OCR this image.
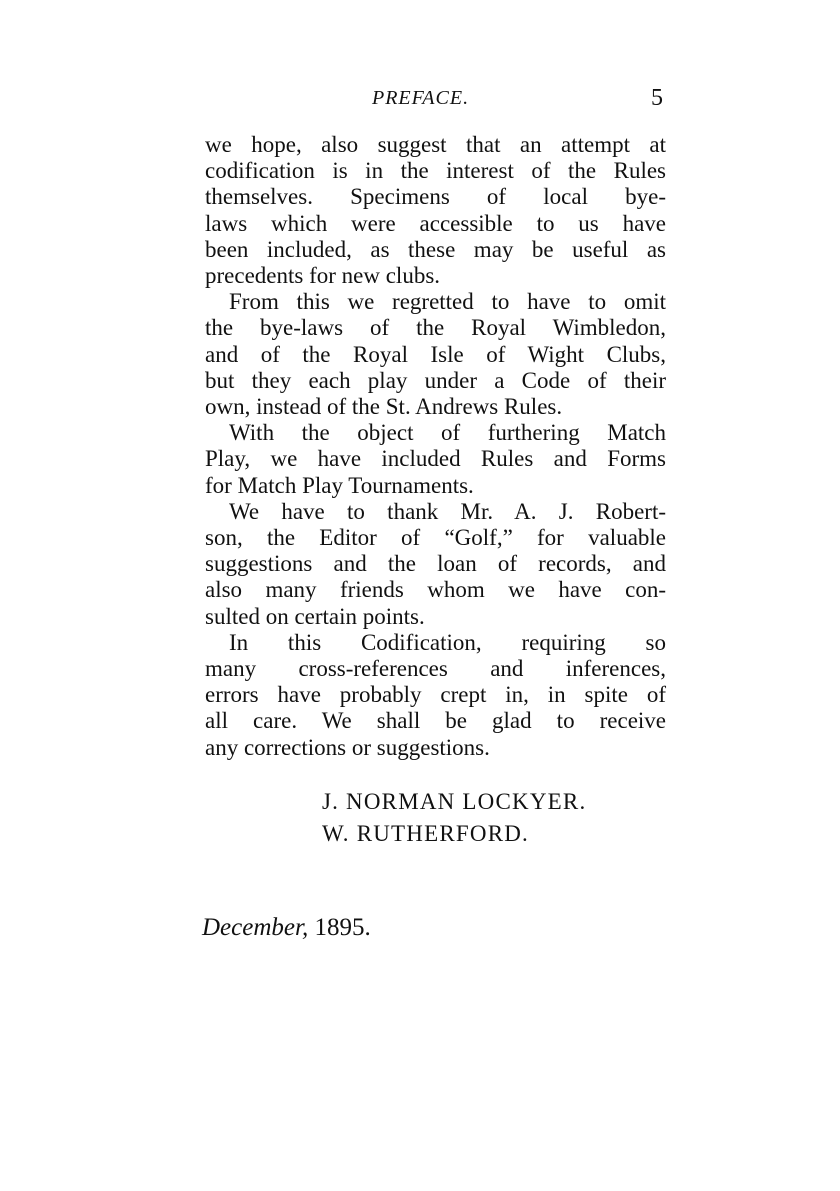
PREFACE.	5
we hope, also suggest that an attempt at
codification is in the interest of the Rules
themselves. Specimens of local bye-
laws which were accessible to us have
been included, as these may be useful as
precedents for new clubs.
From this we regretted to have to omit
the bye-laws of the Royal Wimbledon,
and of the Royal Isle of Wight Clubs,
but they each play under a Code of their
own, instead of the St. Andrews Rules.
With the object of furthering Match
Play, we have included Rules and Forms
for Match Play Tournaments.
We have to thank Mr. A. J. Robert-
son, the Editor of “Golf,” for valuable
suggestions and the loan of records, and
also many friends whom we have con-
sulted on certain points.
In this Codification, requiring so
many cross-references and inferences,
errors have probably crept in, in spite of
all care. We shall be glad to receive
any corrections or suggestions.
J. NORMAN LOCKYER.
W. RUTHERFORD.
December, 1895.
